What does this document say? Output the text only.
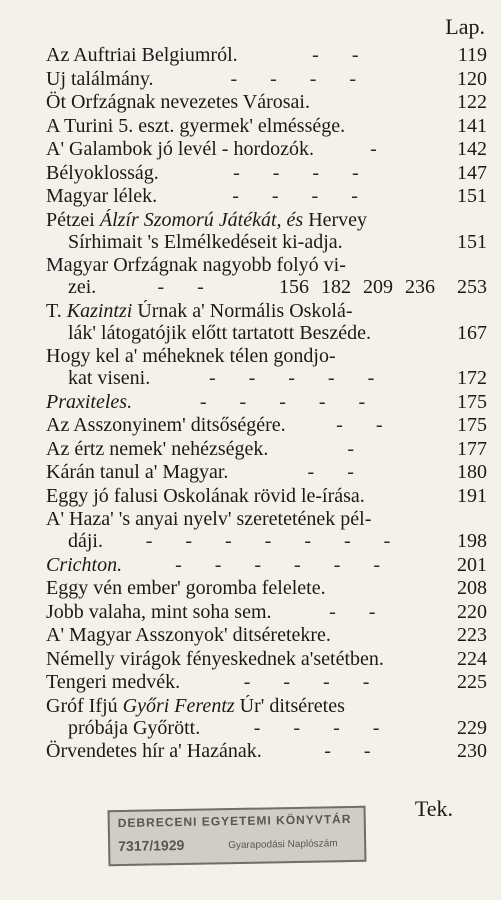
Lap.
Az Auftriai Belgiumról.	- -	119
Uj találmány.	- - - -	120
Öt Orfzágnak nevezetes Városai.	122
A Turini 5. eszt. gyermek' elméssége.	141
A' Galambok jó levél - hordozók.	-	142
Bélyoklosság.	- - - -	147
Magyar lélek.	- - - -	151
Pétzei Álzír Szomorú Játékát, és Hervey
Sírhimait 's Elmélkedéseit ki-adja.	151
Magyar Orfzágnak nagyobb folyó vi-
zei.	- -	156 182 209 236	253
T. Kazintzi Úrnak a' Normális Oskolá-
lák' látogatójik előtt tartatott Beszéde.	167
Hogy kel a' méheknek télen gondjo-
kat viseni.	- - - - -	172
Praxiteles.	- - - - -	175
Az Asszonyinem' ditsőségére.	- -	175
Az értz nemek' nehézségek.	-	177
Kárán tanul a' Magyar.	- -	180
Eggy jó falusi Oskolának rövid le-írása.	191
A' Haza' 's anyai nyelv' szeretetének pél-
dáji.	- - - - - - -	198
Crichton.	- - - - - -	201
Eggy vén ember' goromba felelete.	208
Jobb valaha, mint soha sem.	- -	220
A' Magyar Asszonyok' ditséretekre.	223
Némelly virágok fényeskednek a'setétben.	224
Tengeri medvék.	- - - -	225
Gróf Ifjú Győri Ferentz Úr' ditséretes
próbája Győrött.	- - - -	229
Örvendetes hír a' Hazának.	- -	230
Tek.
DEBRECENI EGYETEMI KÖNYVTÁR
7317/1929	Gyarapodási Naplószám
